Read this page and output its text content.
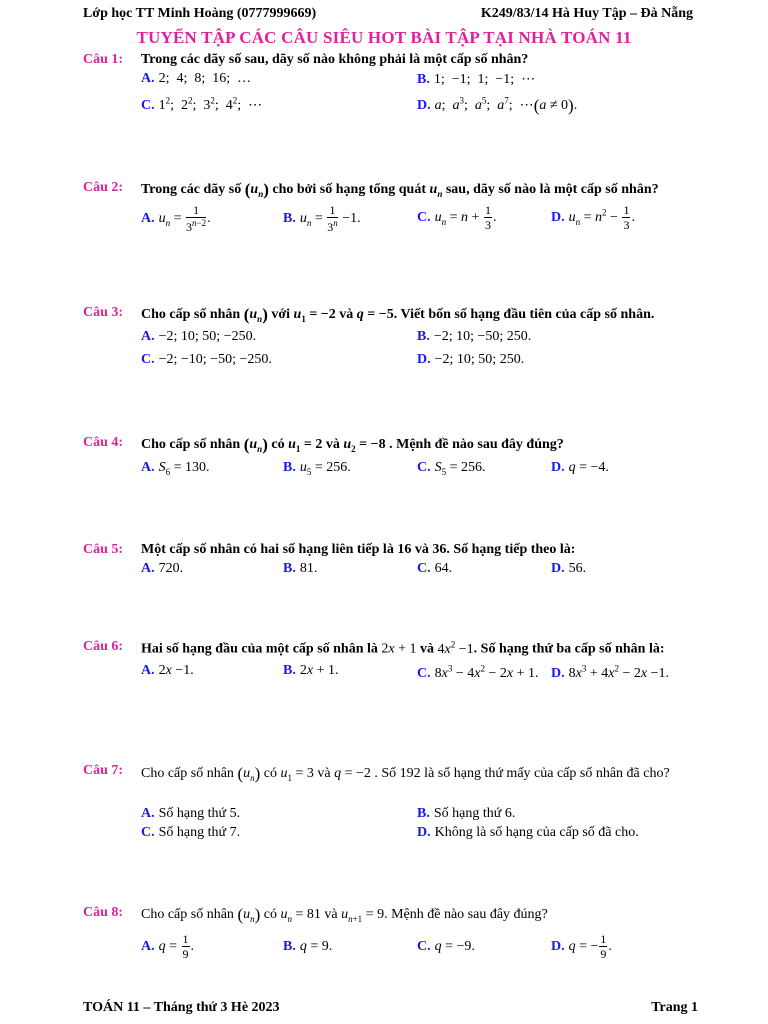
Lớp học TT Minh Hoàng (0777999669)	K249/83/14 Hà Huy Tập – Đà Nẵng
TUYỂN TẬP CÁC CÂU SIÊU HOT BÀI TẬP TẠI NHÀ TOÁN 11
Câu 1: Trong các dãy số sau, dãy số nào không phải là một cấp số nhân?
A. 2;  4;  8;  16;  …	B. 1;  −1;  1;  −1;  ⋯
C. $1^2$;  $2^2$;  $3^2$;  $4^2$;  ⋯	D. a;  $a^3$;  $a^5$;  $a^7$;  ⋯(a ≠ 0).
Câu 2: Trong các dãy số $(u_n)$ cho bởi số hạng tổng quát $u_n$ sau, dãy số nào là một cấp số nhân?
A. $u_n = \frac{1}{3^{n-2}}$ .	B. $u_n = \frac{1}{3^n} -1$.	C. $u_n = n + \frac{1}{3}$ .	D. $u_n = n^2 - \frac{1}{3}$ .
Câu 3: Cho cấp số nhân $(u_n)$ với $u_1 = -2$ và q = −5. Viết bốn số hạng đầu tiên của cấp số nhân.
A. −2; 10; 50; −250.	B. −2; 10; −50; 250.
C. −2; −10; −50; −250.	D. −2; 10; 50; 250.
Câu 4: Cho cấp số nhân $(u_n)$ có $u_1 = 2$ và $u_2 = -8$ . Mệnh đề nào sau đây đúng?
A. $S_6 = 130$.	B. $u_5 = 256$.	C. $S_5 = 256$.	D. q = −4.
Câu 5: Một cấp số nhân có hai số hạng liên tiếp là 16 và 36. Số hạng tiếp theo là:
A. 720.	B. 81.	C. 64.	D. 56.
Câu 6: Hai số hạng đầu của một cấp số nhân là 2x + 1 và $4x^2 -1$. Số hạng thứ ba cấp số nhân là:
A. 2x −1.	B. 2x + 1.	C. $8x^3 - 4x^2 - 2x + 1$. D. $8x^3 + 4x^2 - 2x -1$.
Câu 7: Cho cấp số nhân $(u_n)$ có $u_1 = 3$ và q = −2 . Số 192 là số hạng thứ mấy của cấp số nhân đã cho?
A. Số hạng thứ 5.	B. Số hạng thứ 6.
C. Số hạng thứ 7.	D. Không là số hạng của cấp số đã cho.
Câu 8: Cho cấp số nhân $(u_n)$ có $u_n = 81$ và $u_{n+1} = 9$. Mệnh đề nào sau đây đúng?
A. $q = \frac{1}{9}$ .	B. q = 9.	C. q = −9.	D. q = − $\frac{1}{9}$ .
TOÁN 11 – Tháng thứ 3 Hè 2023	Trang 1
